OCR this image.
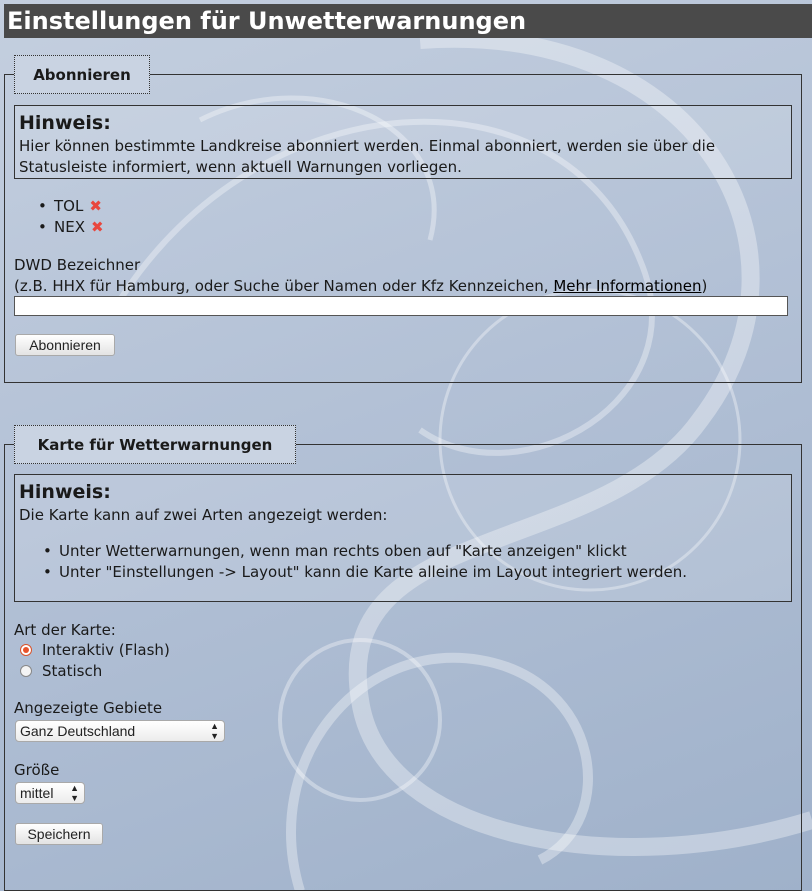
Einstellungen für Unwetterwarnungen
Abonnieren
Hinweis:
Hier können bestimmte Landkreise abonniert werden. Einmal abonniert, werden sie über die Statusleiste informiert, wenn aktuell Warnungen vorliegen.
• TOL ✖
• NEX ✖
DWD Bezeichner
(z.B. HHX für Hamburg, oder Suche über Namen oder Kfz Kennzeichen, Mehr Informationen)
Abonnieren
Karte für Wetterwarnungen
Hinweis:
Die Karte kann auf zwei Arten angezeigt werden:
• Unter Wetterwarnungen, wenn man rechts oben auf "Karte anzeigen" klickt
• Unter "Einstellungen -> Layout" kann die Karte alleine im Layout integriert werden.
Art der Karte:
Interaktiv (Flash)
Statisch
Angezeigte Gebiete
Ganz Deutschland	▲
▼
Größe
mittel ▲
▼
Speichern
